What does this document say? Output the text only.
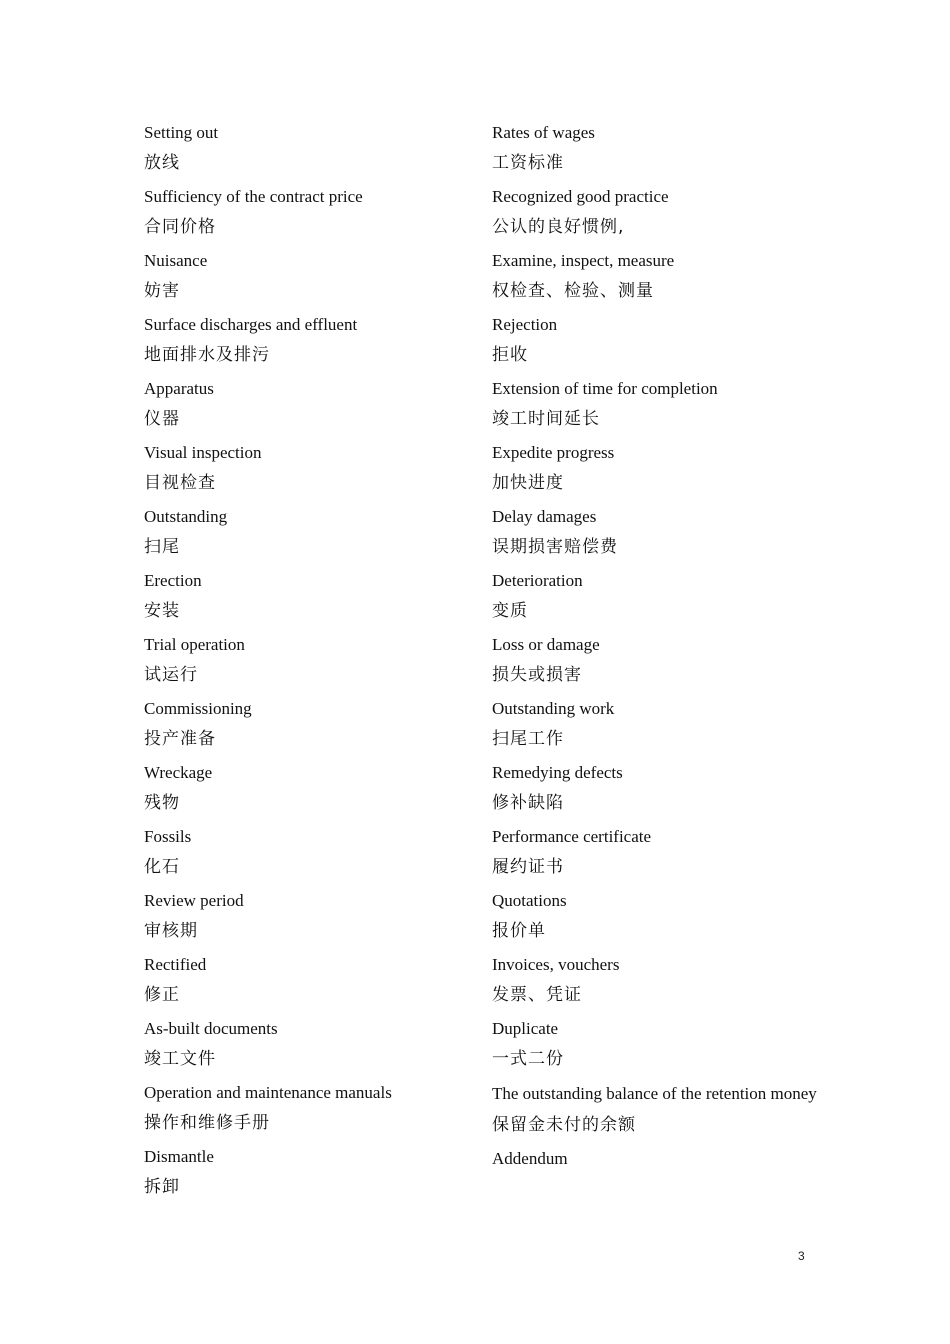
Setting out
放线
Sufficiency of the contract price
合同价格
Nuisance
妨害
Surface discharges and effluent
地面排水及排污
Apparatus
仪器
Visual inspection
目视检查
Outstanding
扫尾
Erection
安装
Trial operation
试运行
Commissioning
投产准备
Wreckage
残物
Fossils
化石
Review period
审核期
Rectified
修正
As-built documents
竣工文件
Operation and maintenance manuals
操作和维修手册
Dismantle
拆卸
Rates of wages
工资标准
Recognized good practice
公认的良好惯例,
Examine, inspect, measure
权检查、检验、测量
Rejection
拒收
Extension of time for completion
竣工时间延长
Expedite progress
加快进度
Delay damages
误期损害赔偿费
Deterioration
变质
Loss or damage
损失或损害
Outstanding work
扫尾工作
Remedying defects
修补缺陷
Performance certificate
履约证书
Quotations
报价单
Invoices, vouchers
发票、凭证
Duplicate
一式二份
The outstanding balance of the retention money
保留金未付的余额
Addendum
3
